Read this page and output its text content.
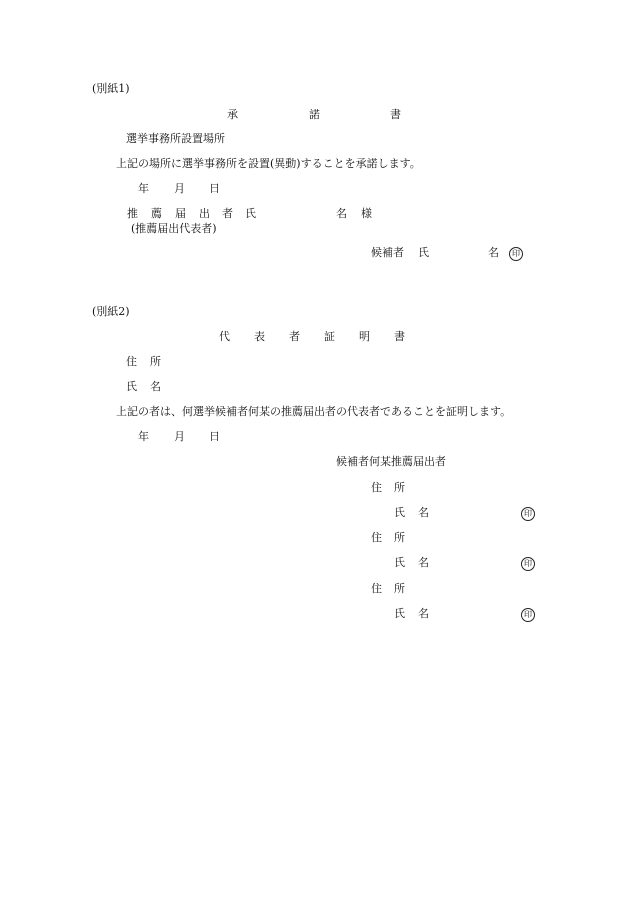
(別紙1)
承	諾	書
選挙事務所設置場所
上記の場所に選挙事務所を設置(異動)することを承諾します。
年 月 日
推 薦 届 出 者 氏	名 様
(推薦届出代表者)
候補者 氏	名	印
(別紙2)
代 表 者 証 明 書
住 所
氏 名
上記の者は、何選挙候補者何某の推薦届出者の代表者であることを証明します。
年 月 日
候補者何某推薦届出者
住 所
氏 名	印
住 所
氏 名	印
住 所
氏 名	印
